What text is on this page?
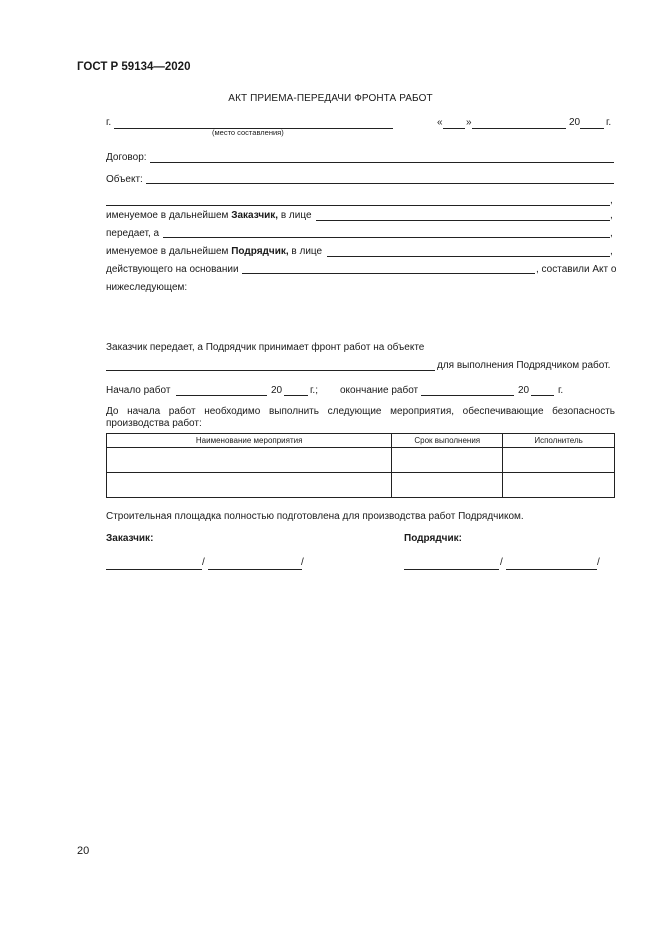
ГОСТ Р 59134—2020
АКТ ПРИЕМА-ПЕРЕДАЧИ ФРОНТА РАБОТ
г.
(место составления)
« »	20	г.
Договор:
Объект:
,
именуемое в дальнейшем Заказчик, в лице	,
передает, а	,
именуемое в дальнейшем Подрядчик, в лице	,
действующего на основании	, составили Акт о
нижеследующем:
Заказчик передает, а Подрядчик принимает фронт работ на объекте
для выполнения Подрядчиком работ.
Начало работ	20	г.; окончание работ	20	г.
До начала работ необходимо выполнить следующие мероприятия, обеспечивающие безопасность производства работ:
Наименование мероприятия	Срок выполнения	Исполнитель

Строительная площадка полностью подготовлена для производства работ Подрядчиком.
Заказчик:	Подрядчик:
/	/	/	/
20
